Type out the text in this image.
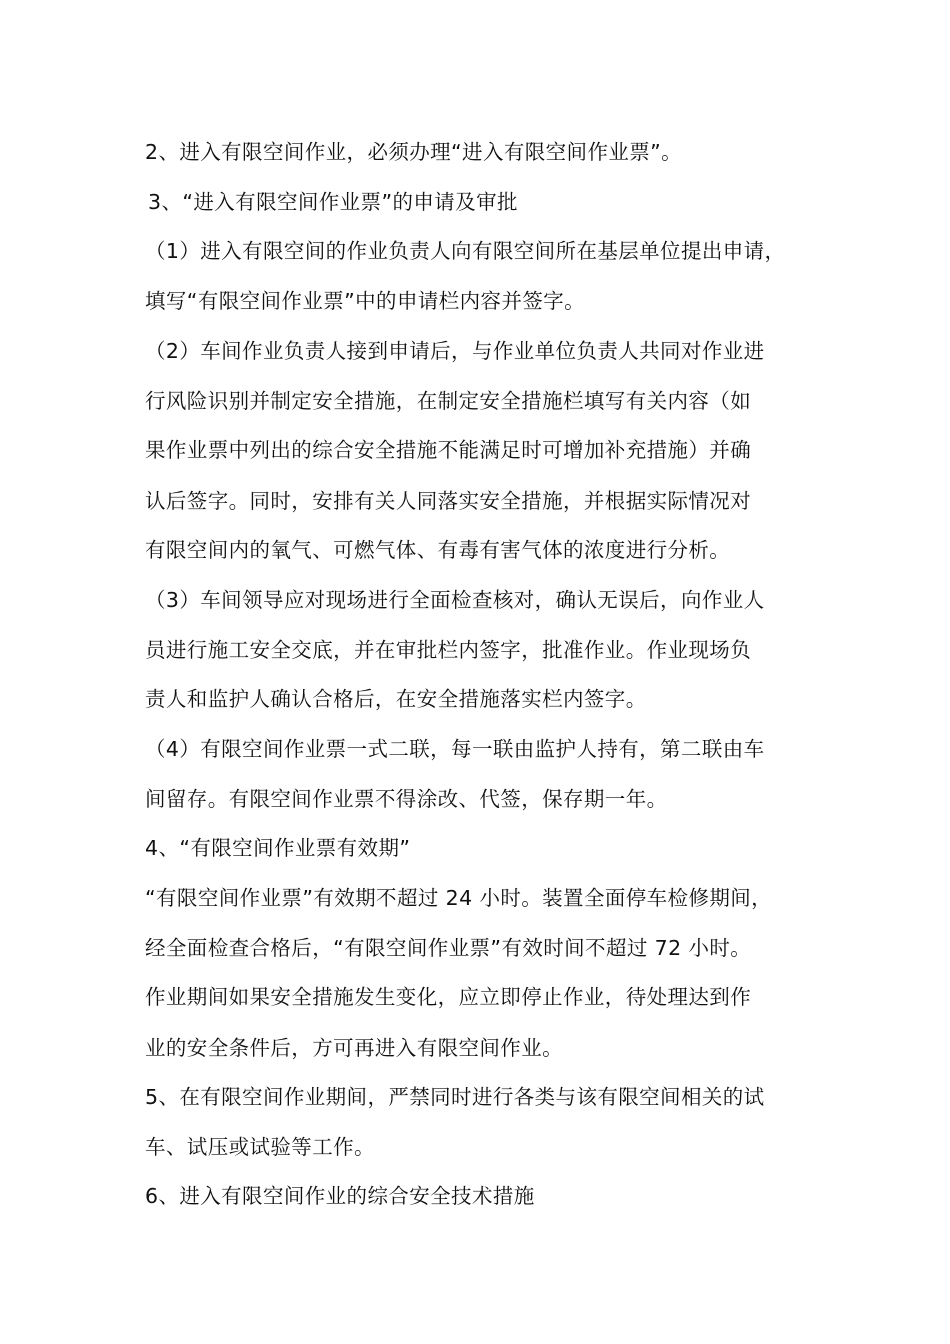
2、进入有限空间作业，必须办理“进入有限空间作业票”。
3、“进入有限空间作业票”的申请及审批
（1）进入有限空间的作业负责人向有限空间所在基层单位提出申请，
填写“有限空间作业票”中的申请栏内容并签字。
（2）车间作业负责人接到申请后，与作业单位负责人共同对作业进
行风险识别并制定安全措施，在制定安全措施栏填写有关内容（如
果作业票中列出的综合安全措施不能满足时可增加补充措施）并确
认后签字。同时，安排有关人同落实安全措施，并根据实际情况对
有限空间内的氧气、可燃气体、有毒有害气体的浓度进行分析。
（3）车间领导应对现场进行全面检查核对，确认无误后，向作业人
员进行施工安全交底，并在审批栏内签字，批准作业。作业现场负
责人和监护人确认合格后，在安全措施落实栏内签字。
（4）有限空间作业票一式二联，每一联由监护人持有，第二联由车
间留存。有限空间作业票不得涂改、代签，保存期一年。
4、“有限空间作业票有效期”
“有限空间作业票”有效期不超过 24 小时。装置全面停车检修期间，
经全面检查合格后，“有限空间作业票”有效时间不超过 72 小时。
作业期间如果安全措施发生变化，应立即停止作业，待处理达到作
业的安全条件后，方可再进入有限空间作业。
5、在有限空间作业期间，严禁同时进行各类与该有限空间相关的试
车、试压或试验等工作。
6、进入有限空间作业的综合安全技术措施
